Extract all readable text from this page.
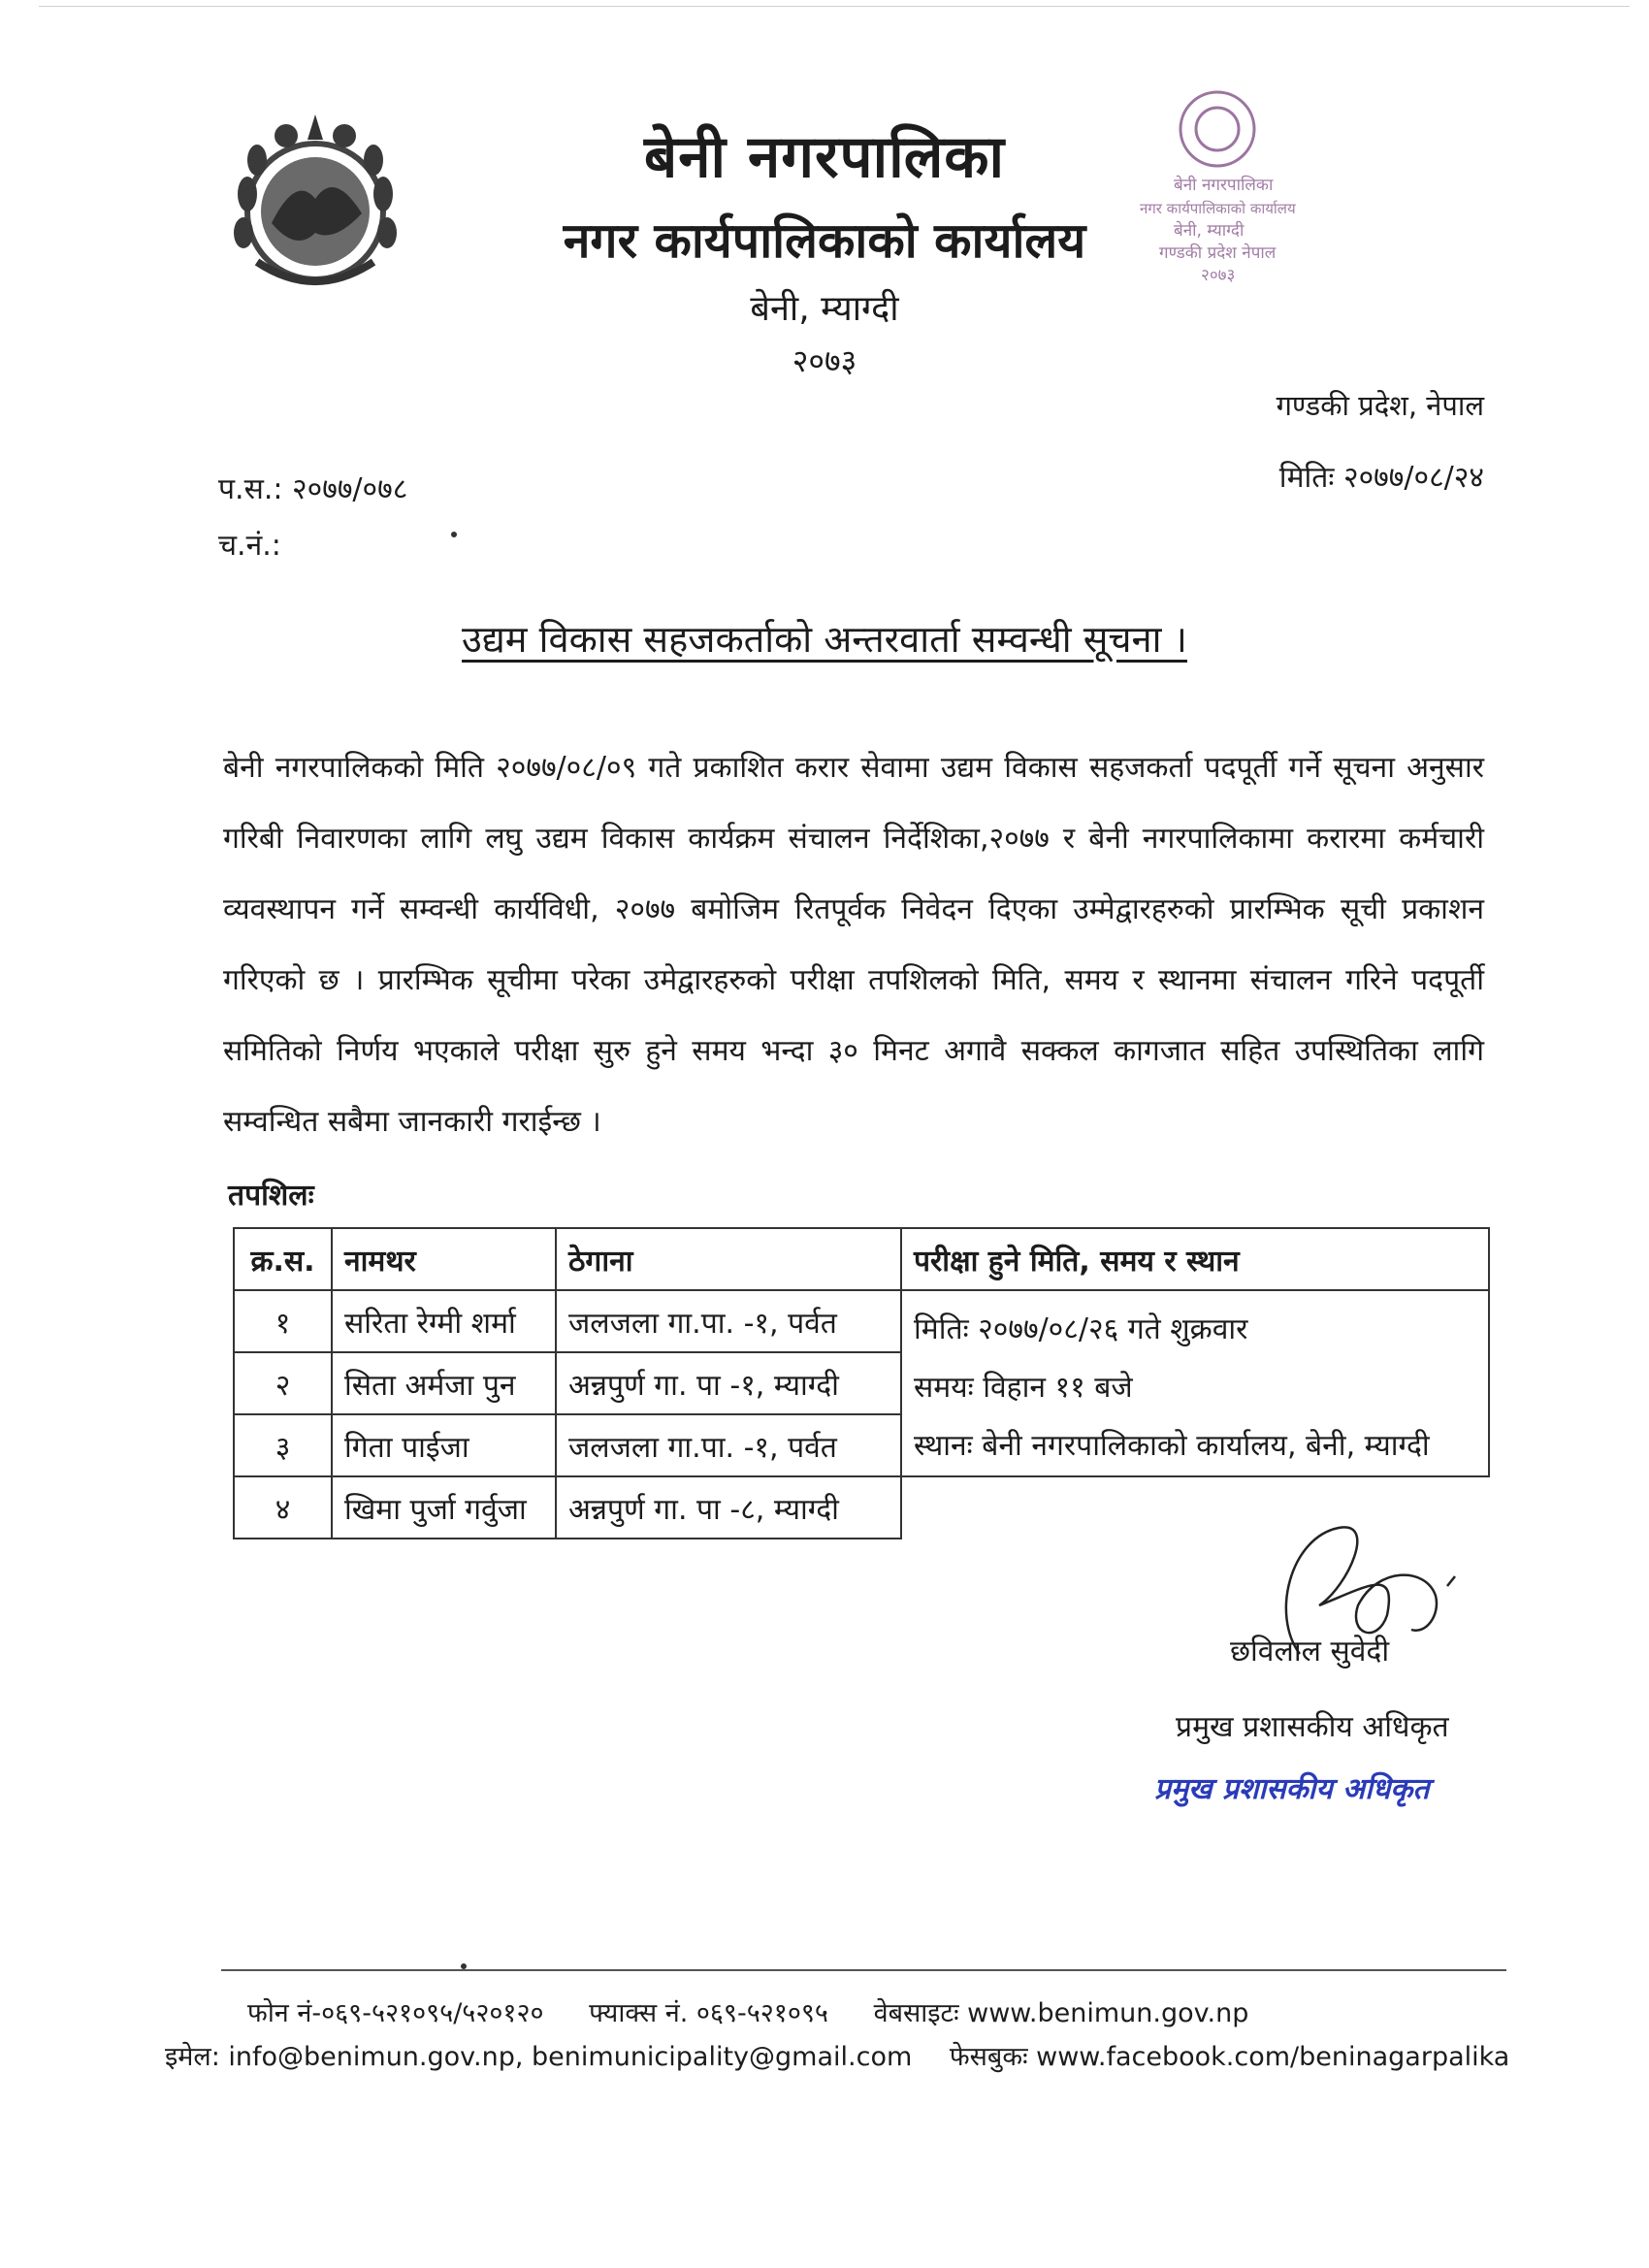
बेनी नगरपालिका
नगर कार्यपालिकाको कार्यालय
बेनी, म्याग्दी
गण्डकी प्रदेश नेपाल
२०७३
बेनी नगरपालिका
नगर कार्यपालिकाको कार्यालय
बेनी, म्याग्दी
२०७३
गण्डकी प्रदेश, नेपाल
प.स.: २०७७/०७८	मितिः २०७७/०८/२४
च.नं.:
उद्यम विकास सहजकर्ताको अन्तरवार्ता सम्वन्धी सूचना ।
बेनी नगरपालिकको मिति २०७७/०८/०९ गते प्रकाशित करार सेवामा उद्यम विकास सहजकर्ता पदपूर्ती गर्ने सूचना अनुसार गरिबी निवारणका लागि लघु उद्यम विकास कार्यक्रम संचालन निर्देशिका,२०७७ र बेनी नगरपालिकामा करारमा कर्मचारी व्यवस्थापन गर्ने सम्वन्धी कार्यविधी, २०७७ बमोजिम रितपूर्वक निवेदन दिएका उम्मेद्वारहरुको प्रारम्भिक सूची प्रकाशन गरिएको छ । प्रारम्भिक सूचीमा परेका उमेद्वारहरुको परीक्षा तपशिलको मिति, समय र स्थानमा संचालन गरिने पदपूर्ती समितिको निर्णय भएकाले परीक्षा सुरु हुने समय भन्दा ३० मिनट अगावै सक्कल कागजात सहित उपस्थितिका लागि सम्वन्धित सबैमा जानकारी गराईन्छ ।
तपशिलः
क्र.स.	नामथर	ठेगाना	परीक्षा हुने मिति, समय र स्थान
१	सरिता रेग्मी शर्मा	जलजला गा.पा. -१, पर्वत	मितिः २०७७/०८/२६ गते शुक्रवार
समयः विहान ११ बजे
स्थानः बेनी नगरपालिकाको कार्यालय, बेनी, म्याग्दी

२	सिता अर्मजा पुन	अन्नपुर्ण गा. पा -१, म्याग्दी	
३	गिता पाईजा	जलजला गा.पा. -१, पर्वत	
४	खिमा पुर्जा गर्वुजा	अन्नपुर्ण गा. पा -८, म्याग्दी	
छविलाल सुवेदी
प्रमुख प्रशासकीय अधिकृत
प्रमुख प्रशासकीय अधिकृत
फोन नं-०६९-५२१०९५/५२०१२० फ्याक्स नं. ०६९-५२१०९५ वेबसाइटः www.benimun.gov.np
इमेल: info@benimun.gov.np, benimunicipality@gmail.com फेसबुकः www.facebook.com/beninagarpalika
